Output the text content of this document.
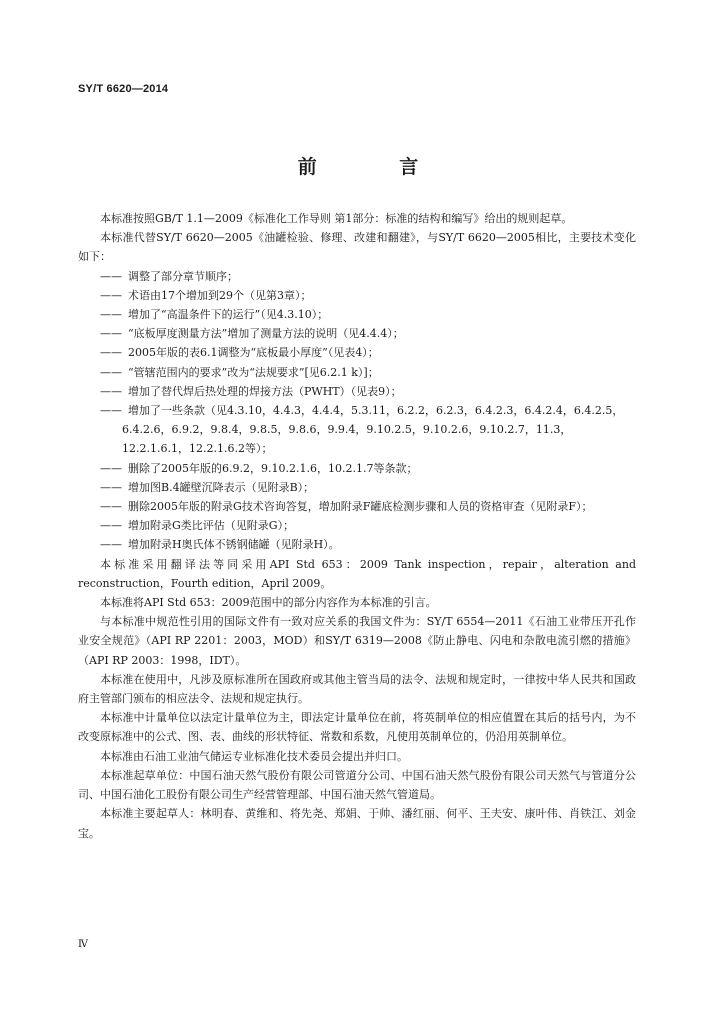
SY/T 6620—2014
前 言

本标准按照GB/T 1.1—2009《标准化工作导则 第1部分：标准的结构和编写》给出的规则起草。

本标准代替SY/T 6620—2005《油罐检验、修理、改建和翻建》，与SY/T 6620—2005相比，主要技术变化如下：

—— 调整了部分章节顺序；

—— 术语由17个增加到29个（见第3章）；

—— 增加了“高温条件下的运行”（见4.3.10）；

—— “底板厚度测量方法”增加了测量方法的说明（见4.4.4）；

—— 2005年版的表6.1调整为“底板最小厚度”（见表4）；

—— “管辖范围内的要求”改为“法规要求”[见6.2.1 k）]；

—— 增加了替代焊后热处理的焊接方法（PWHT）（见表9）；

—— 增加了一些条款（见4.3.10，4.4.3，4.4.4，5.3.11，6.2.2，6.2.3，6.4.2.3，6.4.2.4，6.4.2.5，6.4.2.6，6.9.2，9.8.4，9.8.5，9.8.6，9.9.4，9.10.2.5，9.10.2.6，9.10.2.7，11.3，12.2.1.6.1，12.2.1.6.2等）；

—— 删除了2005年版的6.9.2，9.10.2.1.6，10.2.1.7等条款；

—— 增加图B.4罐壁沉降表示（见附录B）；

—— 删除2005年版的附录G技术咨询答复，增加附录F罐底检测步骤和人员的资格审查（见附录F）；

—— 增加附录G类比评估（见附录G）；

—— 增加附录H奥氏体不锈钢储罐（见附录H）。

本标准采用翻译法等同采用API Std 653：2009 Tank inspection，repair，alteration and reconstruction，Fourth edition，April 2009。

本标准将API Std 653：2009范围中的部分内容作为本标准的引言。

与本标准中规范性引用的国际文件有一致对应关系的我国文件为：SY/T 6554—2011《石油工业带压开孔作业安全规范》（API RP 2201：2003，MOD）和SY/T 6319—2008《防止静电、闪电和杂散电流引燃的措施》（API RP 2003：1998，IDT）。

本标准在使用中，凡涉及原标准所在国政府或其他主管当局的法令、法规和规定时，一律按中华人民共和国政府主管部门颁布的相应法令、法规和规定执行。

本标准中计量单位以法定计量单位为主，即法定计量单位在前，将英制单位的相应值置在其后的括号内，为不改变原标准中的公式、图、表、曲线的形状特征、常数和系数，凡使用英制单位的，仍沿用英制单位。

本标准由石油工业油气储运专业标准化技术委员会提出并归口。

本标准起草单位：中国石油天然气股份有限公司管道分公司、中国石油天然气股份有限公司天然气与管道分公司、中国石油化工股份有限公司生产经营管理部、中国石油天然气管道局。

本标准主要起草人：林明春、黄维和、将先尧、郑娟、于帅、潘红丽、何平、王夫安、康叶伟、肖铁江、刘金宝。

Ⅳ
